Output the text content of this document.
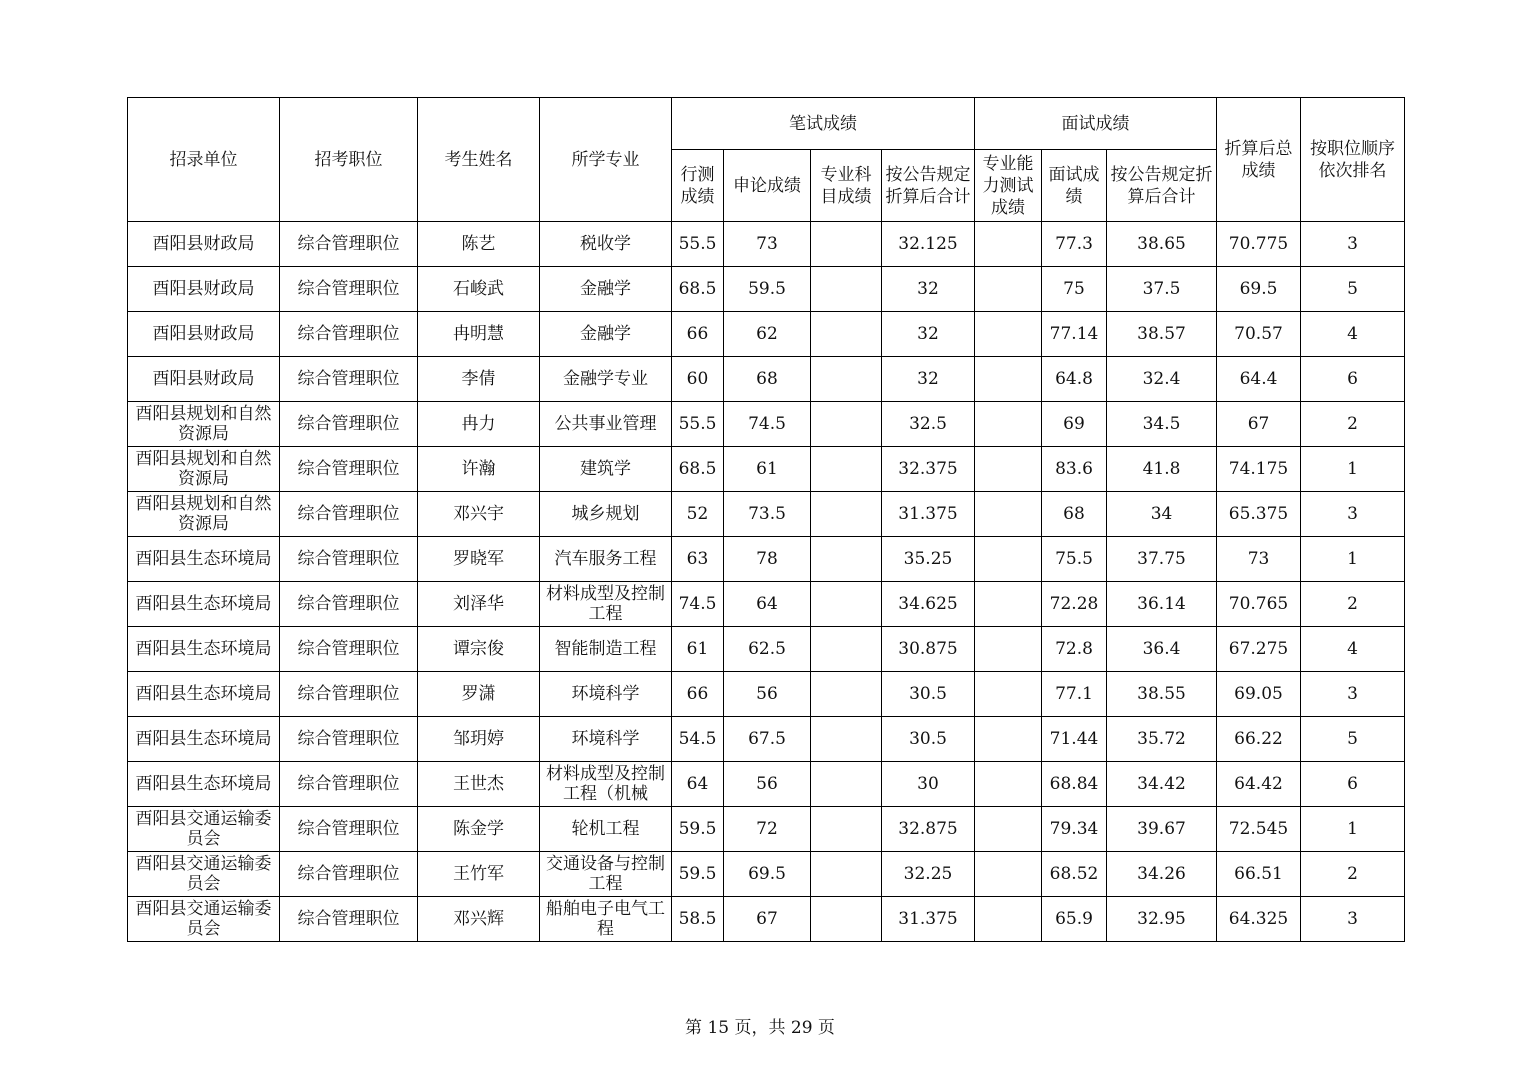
招录单位	招考职位	考生姓名	所学专业	笔试成绩				面试成绩			折算后总成绩	按职位顺序依次排名
				行测成绩	申论成绩	专业科目成绩	按公告规定折算后合计	专业能力测试成绩	面试成绩	按公告规定折算后合计		
酉阳县财政局	综合管理职位	陈艺	税收学	55.5	73		32.125		77.3	38.65	70.775	3
酉阳县财政局	综合管理职位	石峻武	金融学	68.5	59.5		32		75	37.5	69.5	5
酉阳县财政局	综合管理职位	冉明慧	金融学	66	62		32		77.14	38.57	70.57	4
酉阳县财政局	综合管理职位	李倩	金融学专业	60	68		32		64.8	32.4	64.4	6
酉阳县规划和自然资源局	综合管理职位	冉力	公共事业管理	55.5	74.5		32.5		69	34.5	67	2
酉阳县规划和自然资源局	综合管理职位	许瀚	建筑学	68.5	61		32.375		83.6	41.8	74.175	1
酉阳县规划和自然资源局	综合管理职位	邓兴宇	城乡规划	52	73.5		31.375		68	34	65.375	3
酉阳县生态环境局	综合管理职位	罗晓军	汽车服务工程	63	78		35.25		75.5	37.75	73	1
酉阳县生态环境局	综合管理职位	刘泽华	材料成型及控制工程	74.5	64		34.625		72.28	36.14	70.765	2
酉阳县生态环境局	综合管理职位	谭宗俊	智能制造工程	61	62.5		30.875		72.8	36.4	67.275	4
酉阳县生态环境局	综合管理职位	罗潇	环境科学	66	56		30.5		77.1	38.55	69.05	3
酉阳县生态环境局	综合管理职位	邹玥婷	环境科学	54.5	67.5		30.5		71.44	35.72	66.22	5
酉阳县生态环境局	综合管理职位	王世杰	材料成型及控制工程（机械	64	56		30		68.84	34.42	64.42	6
酉阳县交通运输委员会	综合管理职位	陈金学	轮机工程	59.5	72		32.875		79.34	39.67	72.545	1
酉阳县交通运输委员会	综合管理职位	王竹军	交通设备与控制工程	59.5	69.5		32.25		68.52	34.26	66.51	2
酉阳县交通运输委员会	综合管理职位	邓兴辉	船舶电子电气工程	58.5	67		31.375		65.9	32.95	64.325	3
第 15 页，共 29 页
